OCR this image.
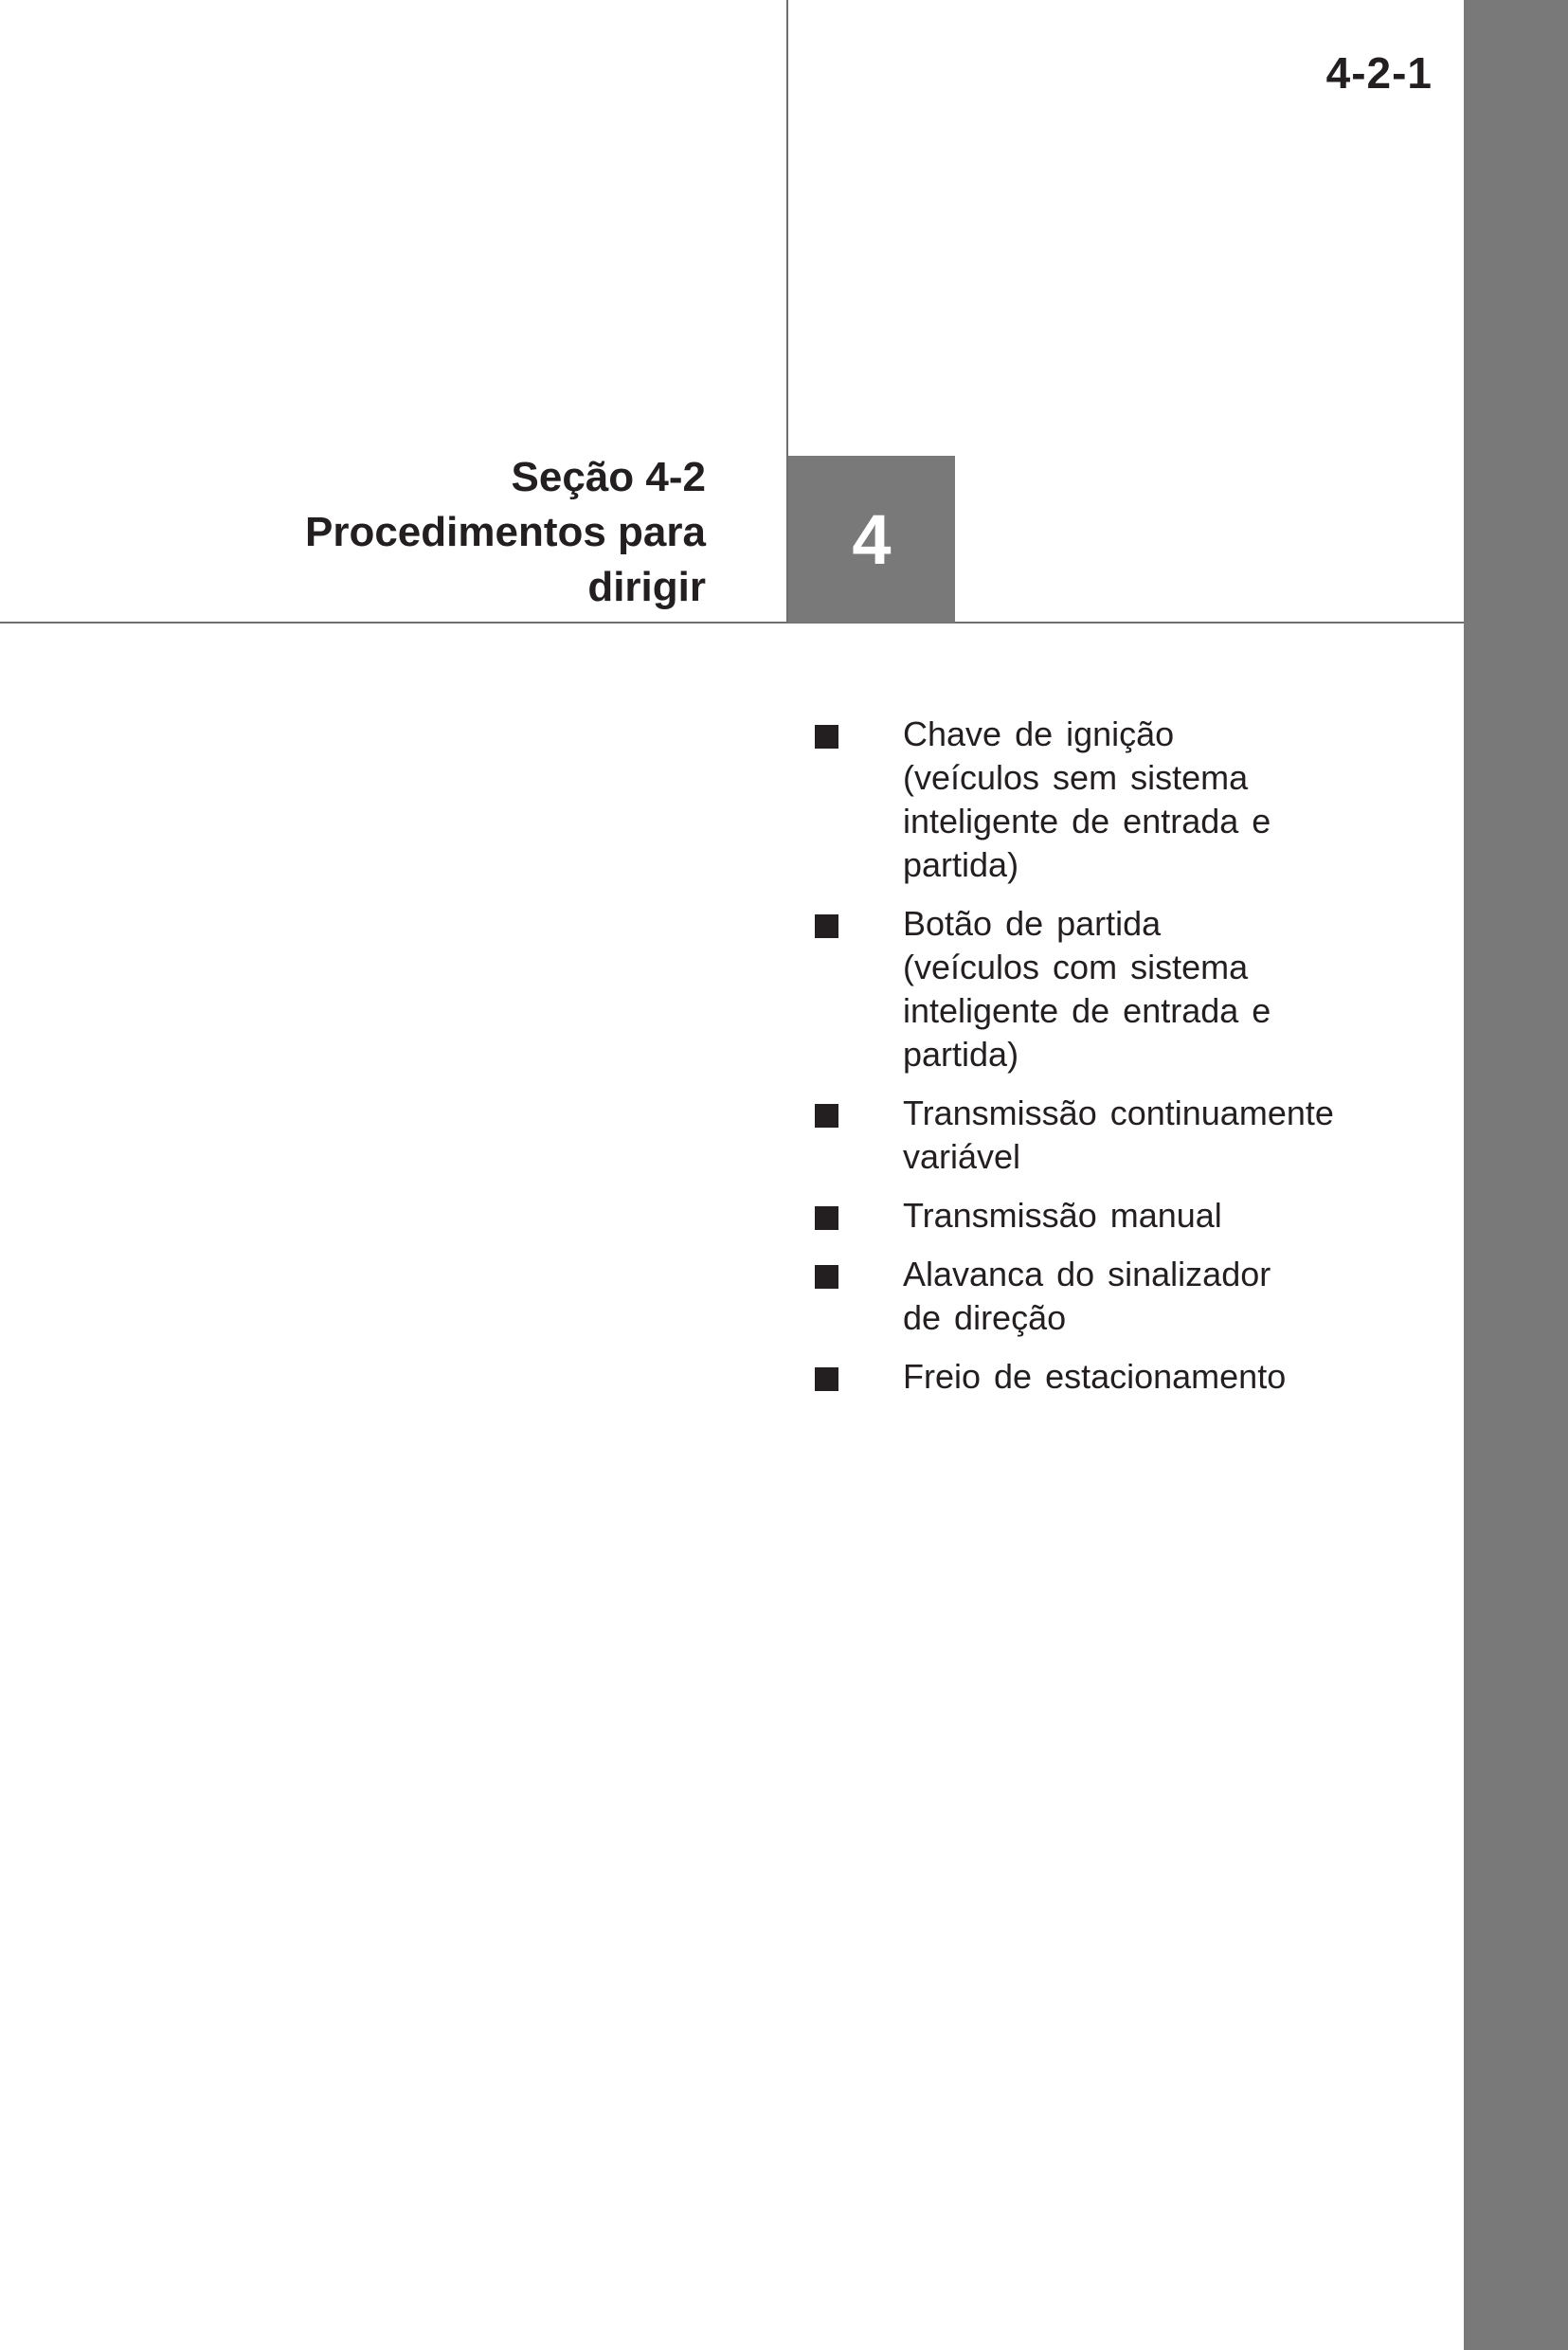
4-2-1
Seção 4-2
Procedimentos para
dirigir
4
Chave de ignição
(veículos sem sistema
inteligente de entrada e
partida)
Botão de partida
(veículos com sistema
inteligente de entrada e
partida)
Transmissão continuamente
variável
Transmissão manual
Alavanca do sinalizador
de direção
Freio de estacionamento
